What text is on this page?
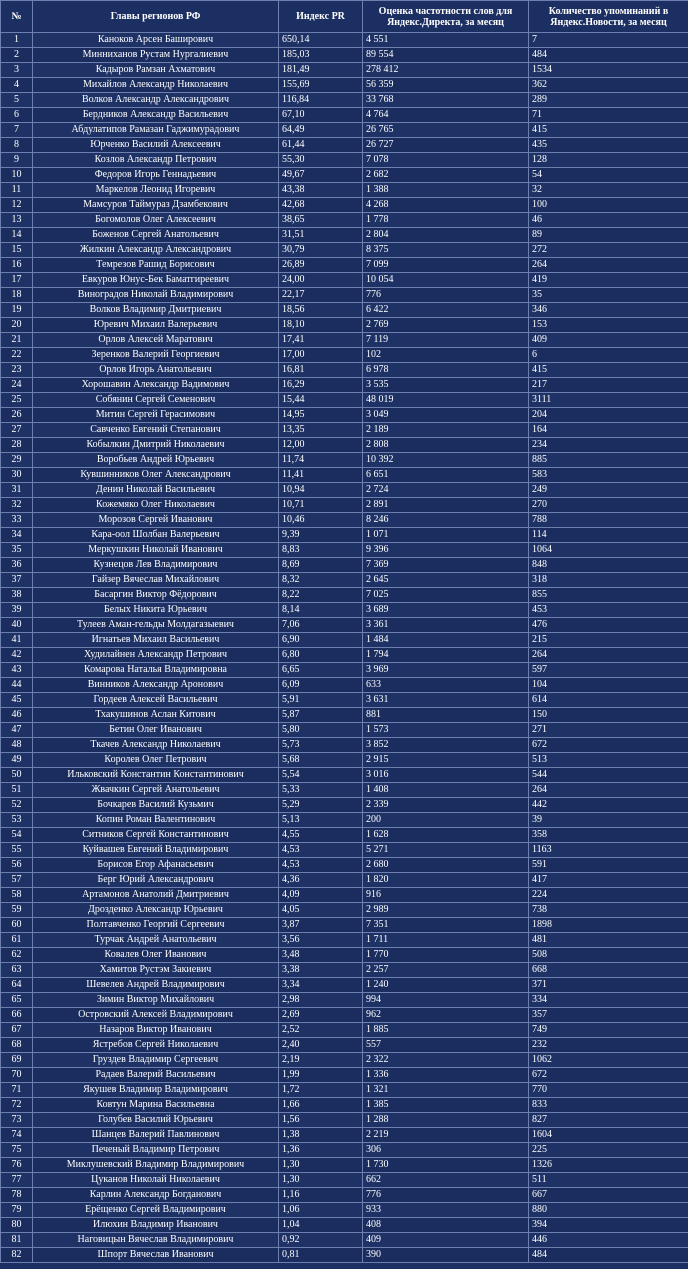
№	Главы регионов РФ	Индекс PR	Оценка частотности слов для Яндекс.Директа, за месяц	Количество упоминаний в Яндекс.Новости, за месяц
1	Каноков Арсен Баширович	650,14	4 551	7
2	Минниханов Рустам Нургалиевич	185,03	89 554	484
3	Кадыров Рамзан Ахматович	181,49	278 412	1534
4	Михайлов Александр Николаевич	155,69	56 359	362
5	Волков Александр Александрович	116,84	33 768	289
6	Бердников Александр Васильевич	67,10	4 764	71
7	Абдулатипов Рамазан Гаджимурадович	64,49	26 765	415
8	Юрченко Василий Алексеевич	61,44	26 727	435
9	Козлов Александр Петрович	55,30	7 078	128
10	Федоров Игорь Геннадьевич	49,67	2 682	54
11	Маркелов Леонид Игоревич	43,38	1 388	32
12	Мамсуров Таймураз Дзамбекович	42,68	4 268	100
13	Богомолов Олег Алексеевич	38,65	1 778	46
14	Боженов Сергей Анатольевич	31,51	2 804	89
15	Жилкин Александр Александрович	30,79	8 375	272
16	Темрезов Рашид Борисович	26,89	7 099	264
17	Евкуров Юнус-Бек Баматгиреевич	24,00	10 054	419
18	Виноградов Николай Владимирович	22,17	776	35
19	Волков Владимир Дмитриевич	18,56	6 422	346
20	Юревич Михаил Валерьевич	18,10	2 769	153
21	Орлов Алексей Маратович	17,41	7 119	409
22	Зеренков Валерий Георгиевич	17,00	102	6
23	Орлов Игорь Анатольевич	16,81	6 978	415
24	Хорошавин Александр Вадимович	16,29	3 535	217
25	Собянин Сергей Семенович	15,44	48 019	3111
26	Митин Сергей Герасимович	14,95	3 049	204
27	Савченко Евгений Степанович	13,35	2 189	164
28	Кобылкин Дмитрий Николаевич	12,00	2 808	234
29	Воробьев Андрей Юрьевич	11,74	10 392	885
30	Кувшинников Олег Александрович	11,41	6 651	583
31	Денин Николай Васильевич	10,94	2 724	249
32	Кожемяко Олег Николаевич	10,71	2 891	270
33	Морозов Сергей Иванович	10,46	8 246	788
34	Кара-оол Шолбан Валерьевич	9,39	1 071	114
35	Меркушкин Николай Иванович	8,83	9 396	1064
36	Кузнецов Лев Владимирович	8,69	7 369	848
37	Гайзер Вячеслав Михайлович	8,32	2 645	318
38	Басаргин Виктор Фёдорович	8,22	7 025	855
39	Белых Никита Юрьевич	8,14	3 689	453
40	Тулеев Аман-гельды Молдагазыевич	7,06	3 361	476
41	Игнатьев Михаил Васильевич	6,90	1 484	215
42	Худилайнен Александр Петрович	6,80	1 794	264
43	Комарова Наталья Владимировна	6,65	3 969	597
44	Винников Александр Аронович	6,09	633	104
45	Гордеев Алексей Васильевич	5,91	3 631	614
46	Тхакушинов Аслан Китович	5,87	881	150
47	Бетин Олег Иванович	5,80	1 573	271
48	Ткачев Александр Николаевич	5,73	3 852	672
49	Королев Олег Петрович	5,68	2 915	513
50	Ильковский Константин Константинович	5,54	3 016	544
51	Жвачкин Сергей Анатольевич	5,33	1 408	264
52	Бочкарев Василий Кузьмич	5,29	2 339	442
53	Копин Роман Валентинович	5,13	200	39
54	Ситников Сергей Константинович	4,55	1 628	358
55	Куйвашев Евгений Владимирович	4,53	5 271	1163
56	Борисов Егор Афанасьевич	4,53	2 680	591
57	Берг Юрий Александрович	4,36	1 820	417
58	Артамонов Анатолий Дмитриевич	4,09	916	224
59	Дрозденко Александр Юрьевич	4,05	2 989	738
60	Полтавченко Георгий Сергеевич	3,87	7 351	1898
61	Турчак Андрей Анатольевич	3,56	1 711	481
62	Ковалев Олег Иванович	3,48	1 770	508
63	Хамитов Рустэм Закиевич	3,38	2 257	668
64	Шевелев Андрей Владимирович	3,34	1 240	371
65	Зимин Виктор Михайлович	2,98	994	334
66	Островский Алексей Владимирович	2,69	962	357
67	Назаров Виктор Иванович	2,52	1 885	749
68	Ястребов Сергей Николаевич	2,40	557	232
69	Груздев Владимир Сергеевич	2,19	2 322	1062
70	Радаев Валерий Васильевич	1,99	1 336	672
71	Якушев Владимир Владимирович	1,72	1 321	770
72	Ковтун Марина Васильевна	1,66	1 385	833
73	Голубев Василий Юрьевич	1,56	1 288	827
74	Шанцев Валерий Павлинович	1,38	2 219	1604
75	Печеный Владимир Петрович	1,36	306	225
76	Миклушевский Владимир Владимирович	1,30	1 730	1326
77	Цуканов Николай Николаевич	1,30	662	511
78	Карлин Александр Богданович	1,16	776	667
79	Ерёщенко Сергей Владимирович	1,06	933	880
80	Илюхин Владимир Иванович	1,04	408	394
81	Наговицын Вячеслав Владимирович	0,92	409	446
82	Шпорт Вячеслав Иванович	0,81	390	484
